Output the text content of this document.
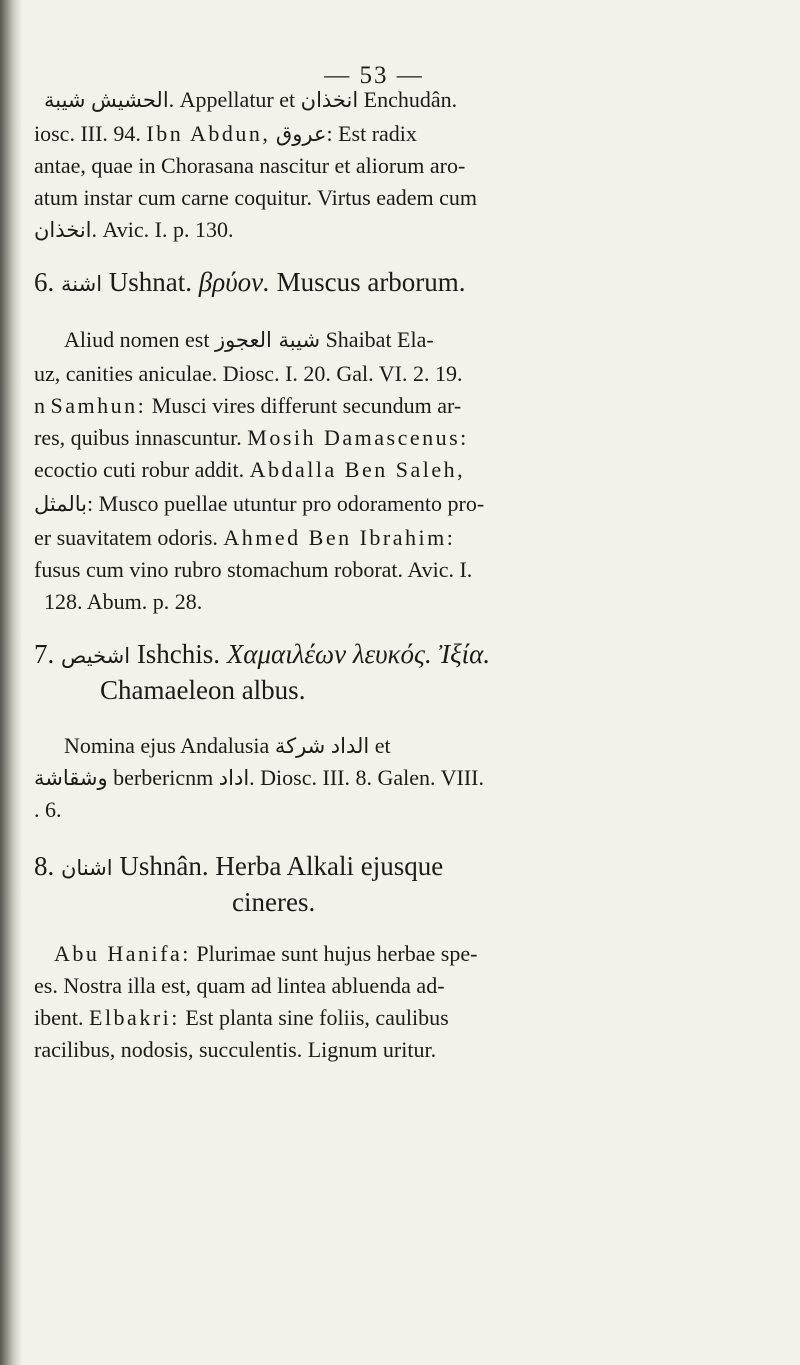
— 53 —
الحشيش شيبة	. Appellatur et انخذان Enchudân.
iosc. III. 94. Ibn Abdun, عروق: Est radix
antae, quae in Chorasana nascitur et aliorum aro-
atum instar cum carne coquitur. Virtus eadem cum
انخذان. Avic. I. p. 130.
6. اشنة Ushnat. βρύον. Muscus arborum.
Aliud nomen est شيبة العجوز Shaibat Ela-
uz, canities aniculae. Diosc. I. 20. Gal. VI. 2. 19.
n Samhun: Musci vires differunt secundum ar-
res, quibus innascuntur. Mosih Damascenus:
ecoctio cuti robur addit. Abdalla Ben Saleh,
بالمثل: Musco puellae utuntur pro odoramento pro-
er suavitatem odoris. Ahmed Ben Ibrahim:
fusus cum vino rubro stomachum roborat. Avic. I.
128. Abum. p. 28.
7. اشخيص Ishchis. Χαμαιλέων λευκός. Ἰξία.
Chamaeleon albus.
Nomina ejus Andalusia	الداد شركة et
وشقاشة berbericnm اداد. Diosc. III. 8. Galen. VIII.
. 6.
8. اشنان Ushnân. Herba Alkali ejusque
cineres.
Abu Hanifa: Plurimae sunt hujus herbae spe-
es. Nostra illa est, quam ad lintea abluenda ad-
ibent. Elbakri: Est planta sine foliis, caulibus
racilibus, nodosis, succulentis. Lignum uritur.
